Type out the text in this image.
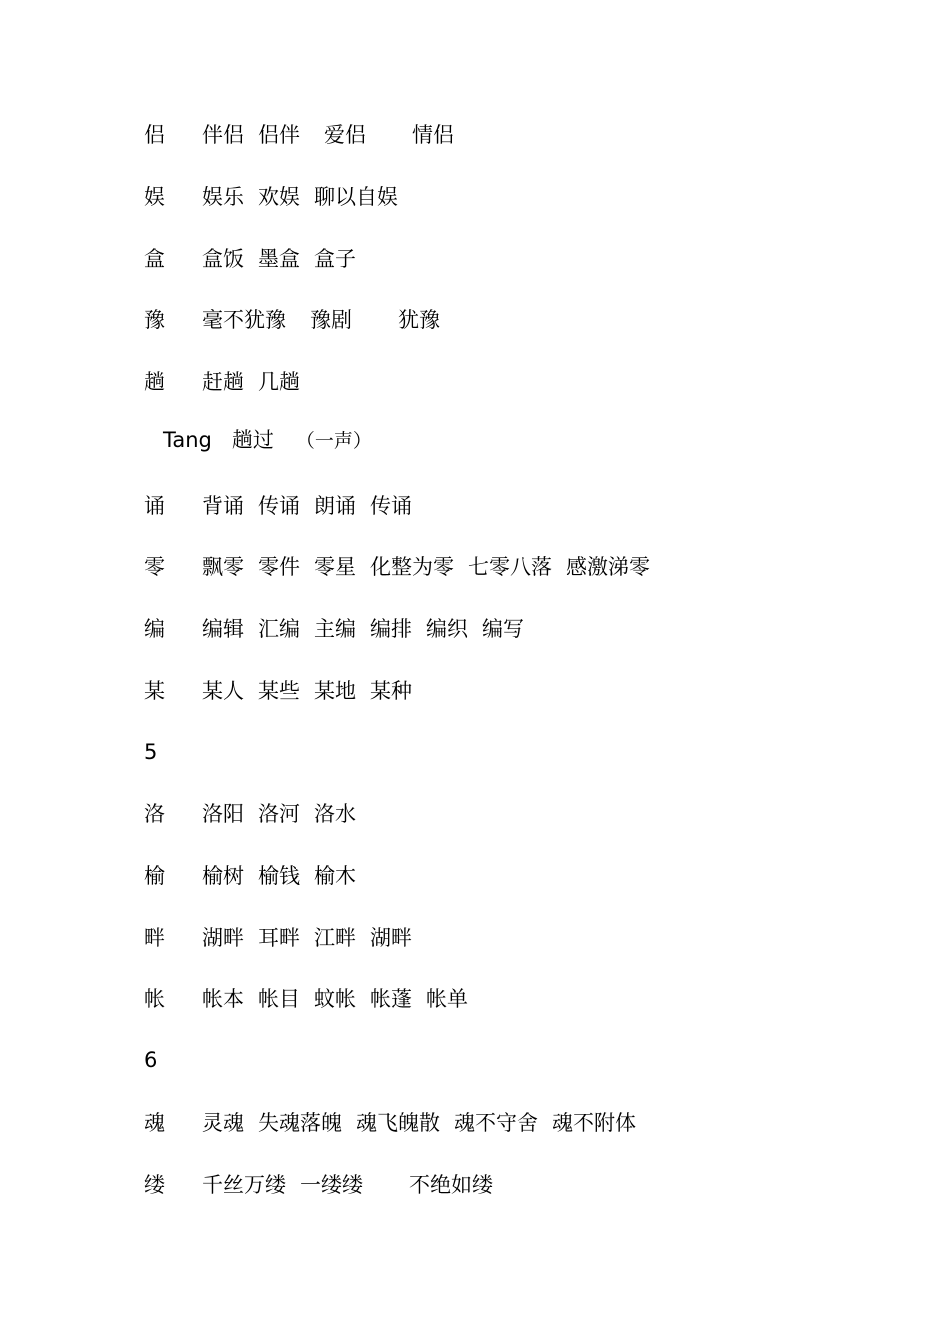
侣 伴侣 侣伴 爱侣 情侣
娱 娱乐 欢娱 聊以自娱
盒 盒饭 墨盒 盒子
豫 毫不犹豫 豫剧 犹豫
趟 赶趟 几趟
Tang 趟过 （一声）
诵 背诵 传诵 朗诵 传诵
零 飘零 零件 零星 化整为零 七零八落 感激涕零
编 编辑 汇编 主编 编排 编织 编写
某 某人 某些 某地 某种
5
洛 洛阳 洛河 洛水
榆 榆树 榆钱 榆木
畔 湖畔 耳畔 江畔 湖畔
帐 帐本 帐目 蚊帐 帐蓬 帐单
6
魂 灵魂 失魂落魄 魂飞魄散 魂不守舍 魂不附体
缕 千丝万缕 一缕缕 不绝如缕
